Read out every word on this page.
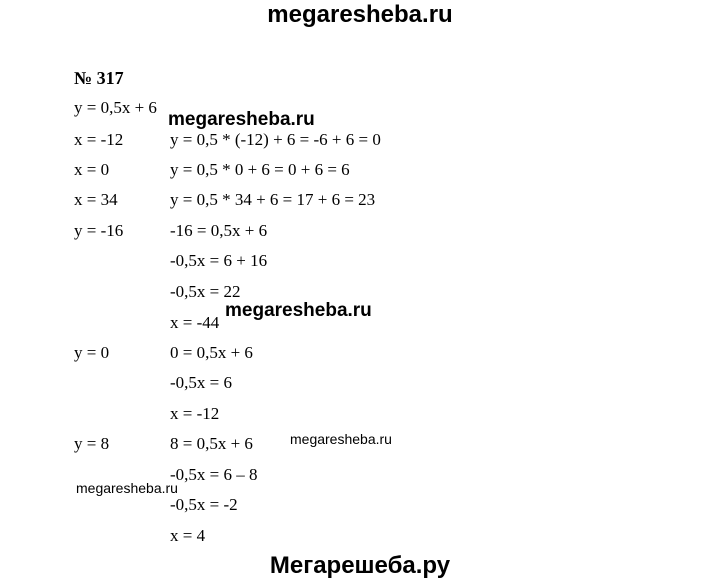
megaresheba.ru
№ 317
y = 0,5x + 6
x = -12	y = 0,5 * (-12) + 6 = -6 + 6 = 0
x = 0	y = 0,5 * 0 + 6 = 0 + 6 = 6
x = 34	y = 0,5 * 34 + 6 = 17 + 6 = 23
y = -16	-16 = 0,5x + 6
-0,5x = 6 + 16
-0,5x = 22
x = -44
y = 0	0 = 0,5x + 6
-0,5x = 6
x = -12
y = 8	8 = 0,5x + 6
-0,5x = 6 – 8
-0,5x = -2
x = 4
megaresheba.ru
megaresheba.ru
megaresheba.ru
megaresheba.ru
Мегарешеба.ру
